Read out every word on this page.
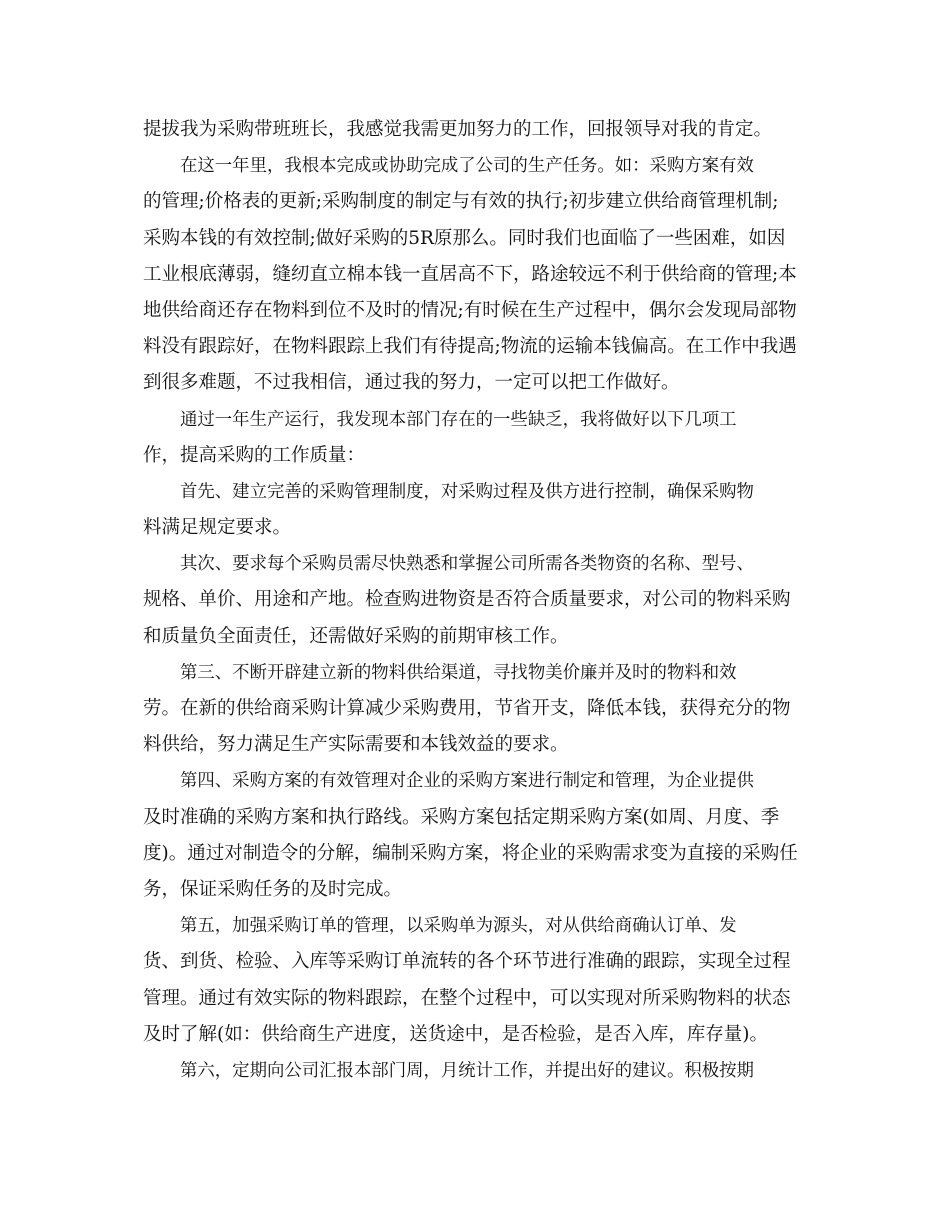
提拔我为采购带班班长，我感觉我需更加努力的工作，回报领导对我的肯定。
在这一年里，我根本完成或协助完成了公司的生产任务。如：采购方案有效
的管理;价格表的更新;采购制度的制定与有效的执行;初步建立供给商管理机制;
采购本钱的有效控制;做好采购的5R原那么。同时我们也面临了一些困难，如因
工业根底薄弱，缝纫直立棉本钱一直居高不下，路途较远不利于供给商的管理;本
地供给商还存在物料到位不及时的情况;有时候在生产过程中，偶尔会发现局部物
料没有跟踪好，在物料跟踪上我们有待提高;物流的运输本钱偏高。在工作中我遇
到很多难题，不过我相信，通过我的努力，一定可以把工作做好。
通过一年生产运行，我发现本部门存在的一些缺乏，我将做好以下几项工
作，提高采购的工作质量：
首先、建立完善的采购管理制度，对采购过程及供方进行控制，确保采购物
料满足规定要求。
其次、要求每个采购员需尽快熟悉和掌握公司所需各类物资的名称、型号、
规格、单价、用途和产地。检查购进物资是否符合质量要求，对公司的物料采购
和质量负全面责任，还需做好采购的前期审核工作。
第三、不断开辟建立新的物料供给渠道，寻找物美价廉并及时的物料和效
劳。在新的供给商采购计算减少采购费用，节省开支，降低本钱，获得充分的物
料供给，努力满足生产实际需要和本钱效益的要求。
第四、采购方案的有效管理对企业的采购方案进行制定和管理，为企业提供
及时准确的采购方案和执行路线。采购方案包括定期采购方案(如周、月度、季
度)。通过对制造令的分解，编制采购方案，将企业的采购需求变为直接的采购任
务，保证采购任务的及时完成。
第五，加强采购订单的管理，以采购单为源头，对从供给商确认订单、发
货、到货、检验、入库等采购订单流转的各个环节进行准确的跟踪，实现全过程
管理。通过有效实际的物料跟踪，在整个过程中，可以实现对所采购物料的状态
及时了解(如：供给商生产进度，送货途中，是否检验，是否入库，库存量)。
第六，定期向公司汇报本部门周，月统计工作，并提出好的建议。积极按期
